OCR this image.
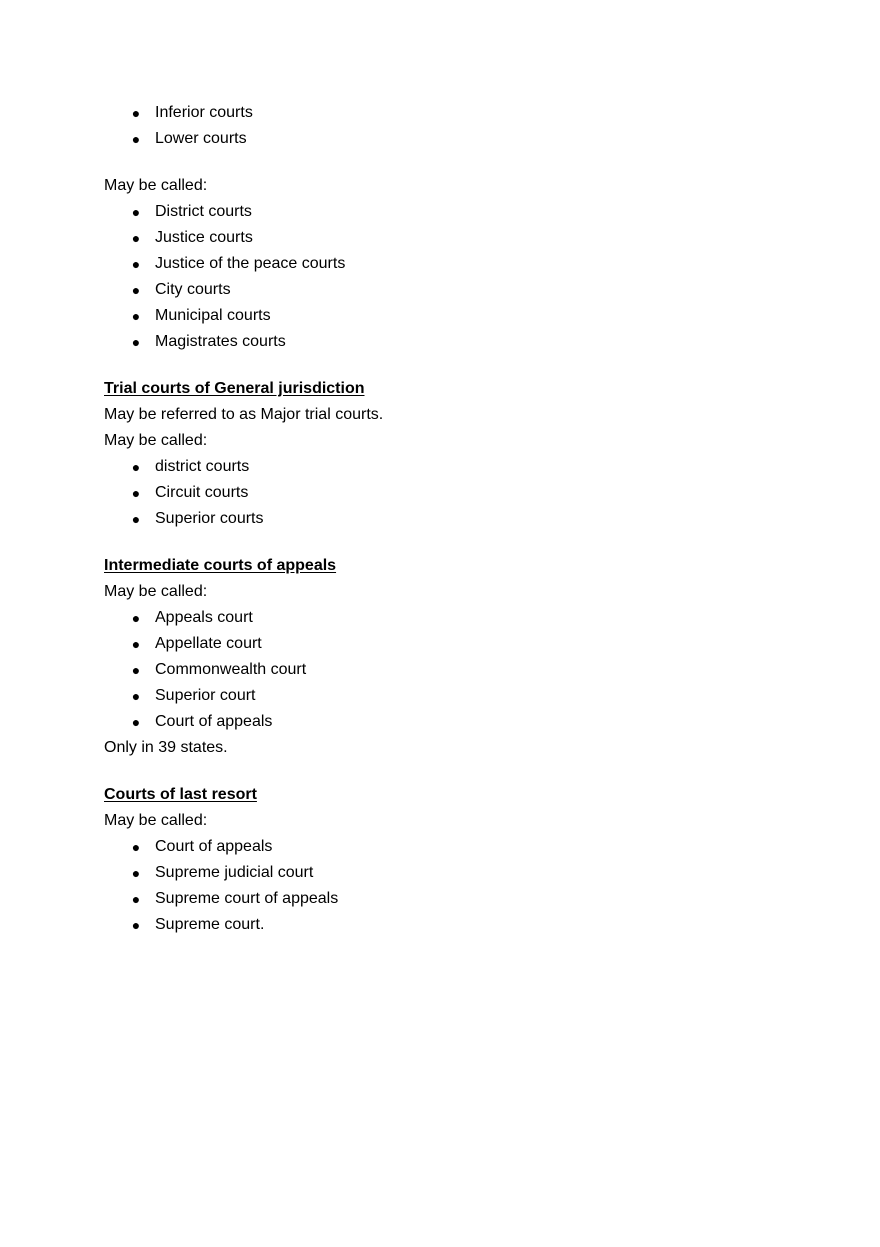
● Inferior courts
● Lower courts
May be called:
● District courts
● Justice courts
● Justice of the peace courts
● City courts
● Municipal courts
● Magistrates courts
Trial courts of General jurisdiction
May be referred to as Major trial courts.
May be called:
● district courts
● Circuit courts
● Superior courts
Intermediate courts of appeals
May be called:
● Appeals court
● Appellate court
● Commonwealth court
● Superior court
● Court of appeals
Only in 39 states.
Courts of last resort
May be called:
● Court of appeals
● Supreme judicial court
● Supreme court of appeals
● Supreme court.
